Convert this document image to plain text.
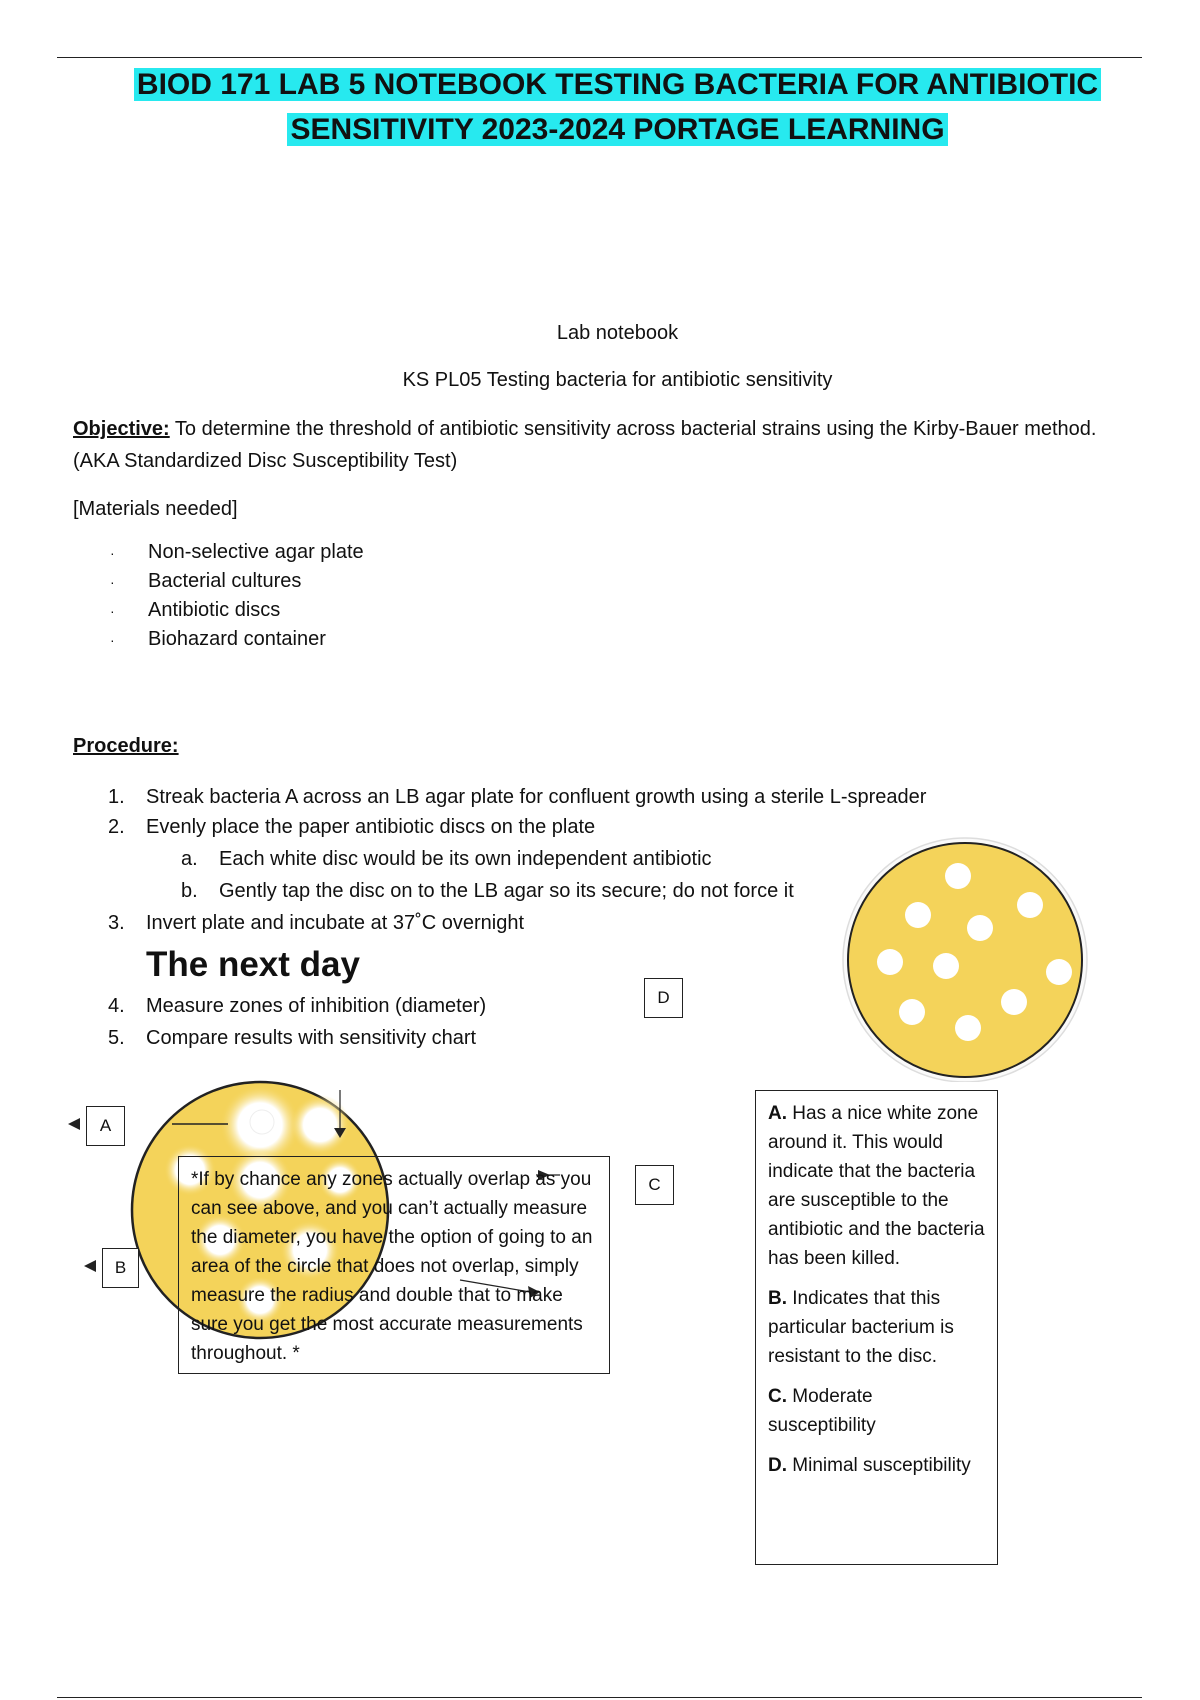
BIOD 171 LAB 5 NOTEBOOK TESTING BACTERIA FOR ANTIBIOTIC
SENSITIVITY 2023-2024 PORTAGE LEARNING
Lab notebook
KS PL05 Testing bacteria for antibiotic sensitivity
Objective: To determine the threshold of antibiotic sensitivity across bacterial strains using the Kirby-Bauer method.(AKA Standardized Disc Susceptibility Test)
[Materials needed]
· Non-selective agar plate
· Bacterial cultures
· Antibiotic discs
· Biohazard container
Procedure:
1. Streak bacteria A across an LB agar plate for confluent growth using a sterile L-spreader
2. Evenly place the paper antibiotic discs on the plate
a. Each white disc would be its own independent antibiotic
b. Gently tap the disc on to the LB agar so its secure; do not force it
3. Invert plate and incubate at 37˚C overnight
The next day
4. Measure zones of inhibition (diameter)
5. Compare results with sensitivity chart
D
C
A
B
*If by chance any zones actually overlap as you can see above, and you can’t actually measure the diameter, you have the option of going to an area of the circle that does not overlap, simply measure the radius and double that to make sure you get the most accurate measurements throughout. *

A. Has a nice white zone around it. This would indicate that the bacteria are susceptible to the antibiotic and the bacteria has been killed.

B. Indicates that this particular bacterium is resistant to the disc.

C. Moderate susceptibility

D. Minimal susceptibility
